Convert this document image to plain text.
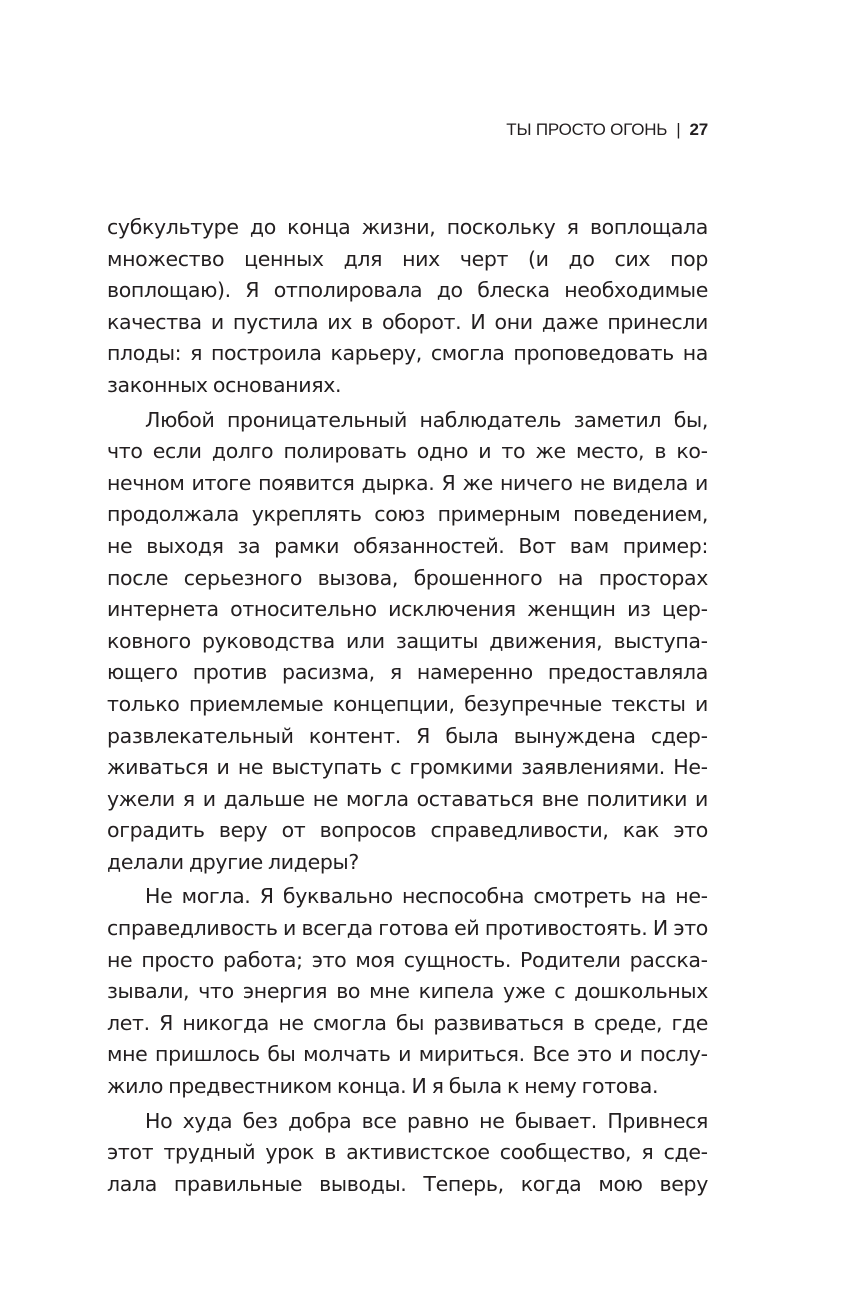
ТЫ ПРОСТО ОГОНЬ | 27

субкультуре до конца жизни, поскольку я воплощала множество ценных для них черт (и до сих пор воплощаю). Я отполировала до блеска необходимые качества и пустила их в оборот. И они даже принесли плоды: я построила карьеру, смогла проповедовать на законных основаниях.

Любой проницательный наблюдатель заметил бы, что если долго полировать одно и то же место, в конечном итоге появится дырка. Я же ничего не видела и продолжала укреплять союз примерным поведением, не выходя за рамки обязанностей. Вот вам пример: после серьезного вызова, брошенного на просторах интернета относительно исключения женщин из церковного руководства или защиты движения, выступающего против расизма, я намеренно предоставляла только приемлемые концепции, безупречные тексты и развлекательный контент. Я была вынуждена сдерживаться и не выступать с громкими заявлениями. Неужели я и дальше не могла оставаться вне политики и оградить веру от вопросов справедливости, как это делали другие лидеры?

Не могла. Я буквально неспособна смотреть на несправедливость и всегда готова ей противостоять. И это не просто работа; это моя сущность. Родители рассказывали, что энергия во мне кипела уже с дошкольных лет. Я никогда не смогла бы развиваться в среде, где мне пришлось бы молчать и мириться. Все это и послужило предвестником конца. И я была к нему готова.

Но худа без добра все равно не бывает. Привнеся этот трудный урок в активистское сообщество, я сделала правильные выводы. Теперь, когда мою веру
